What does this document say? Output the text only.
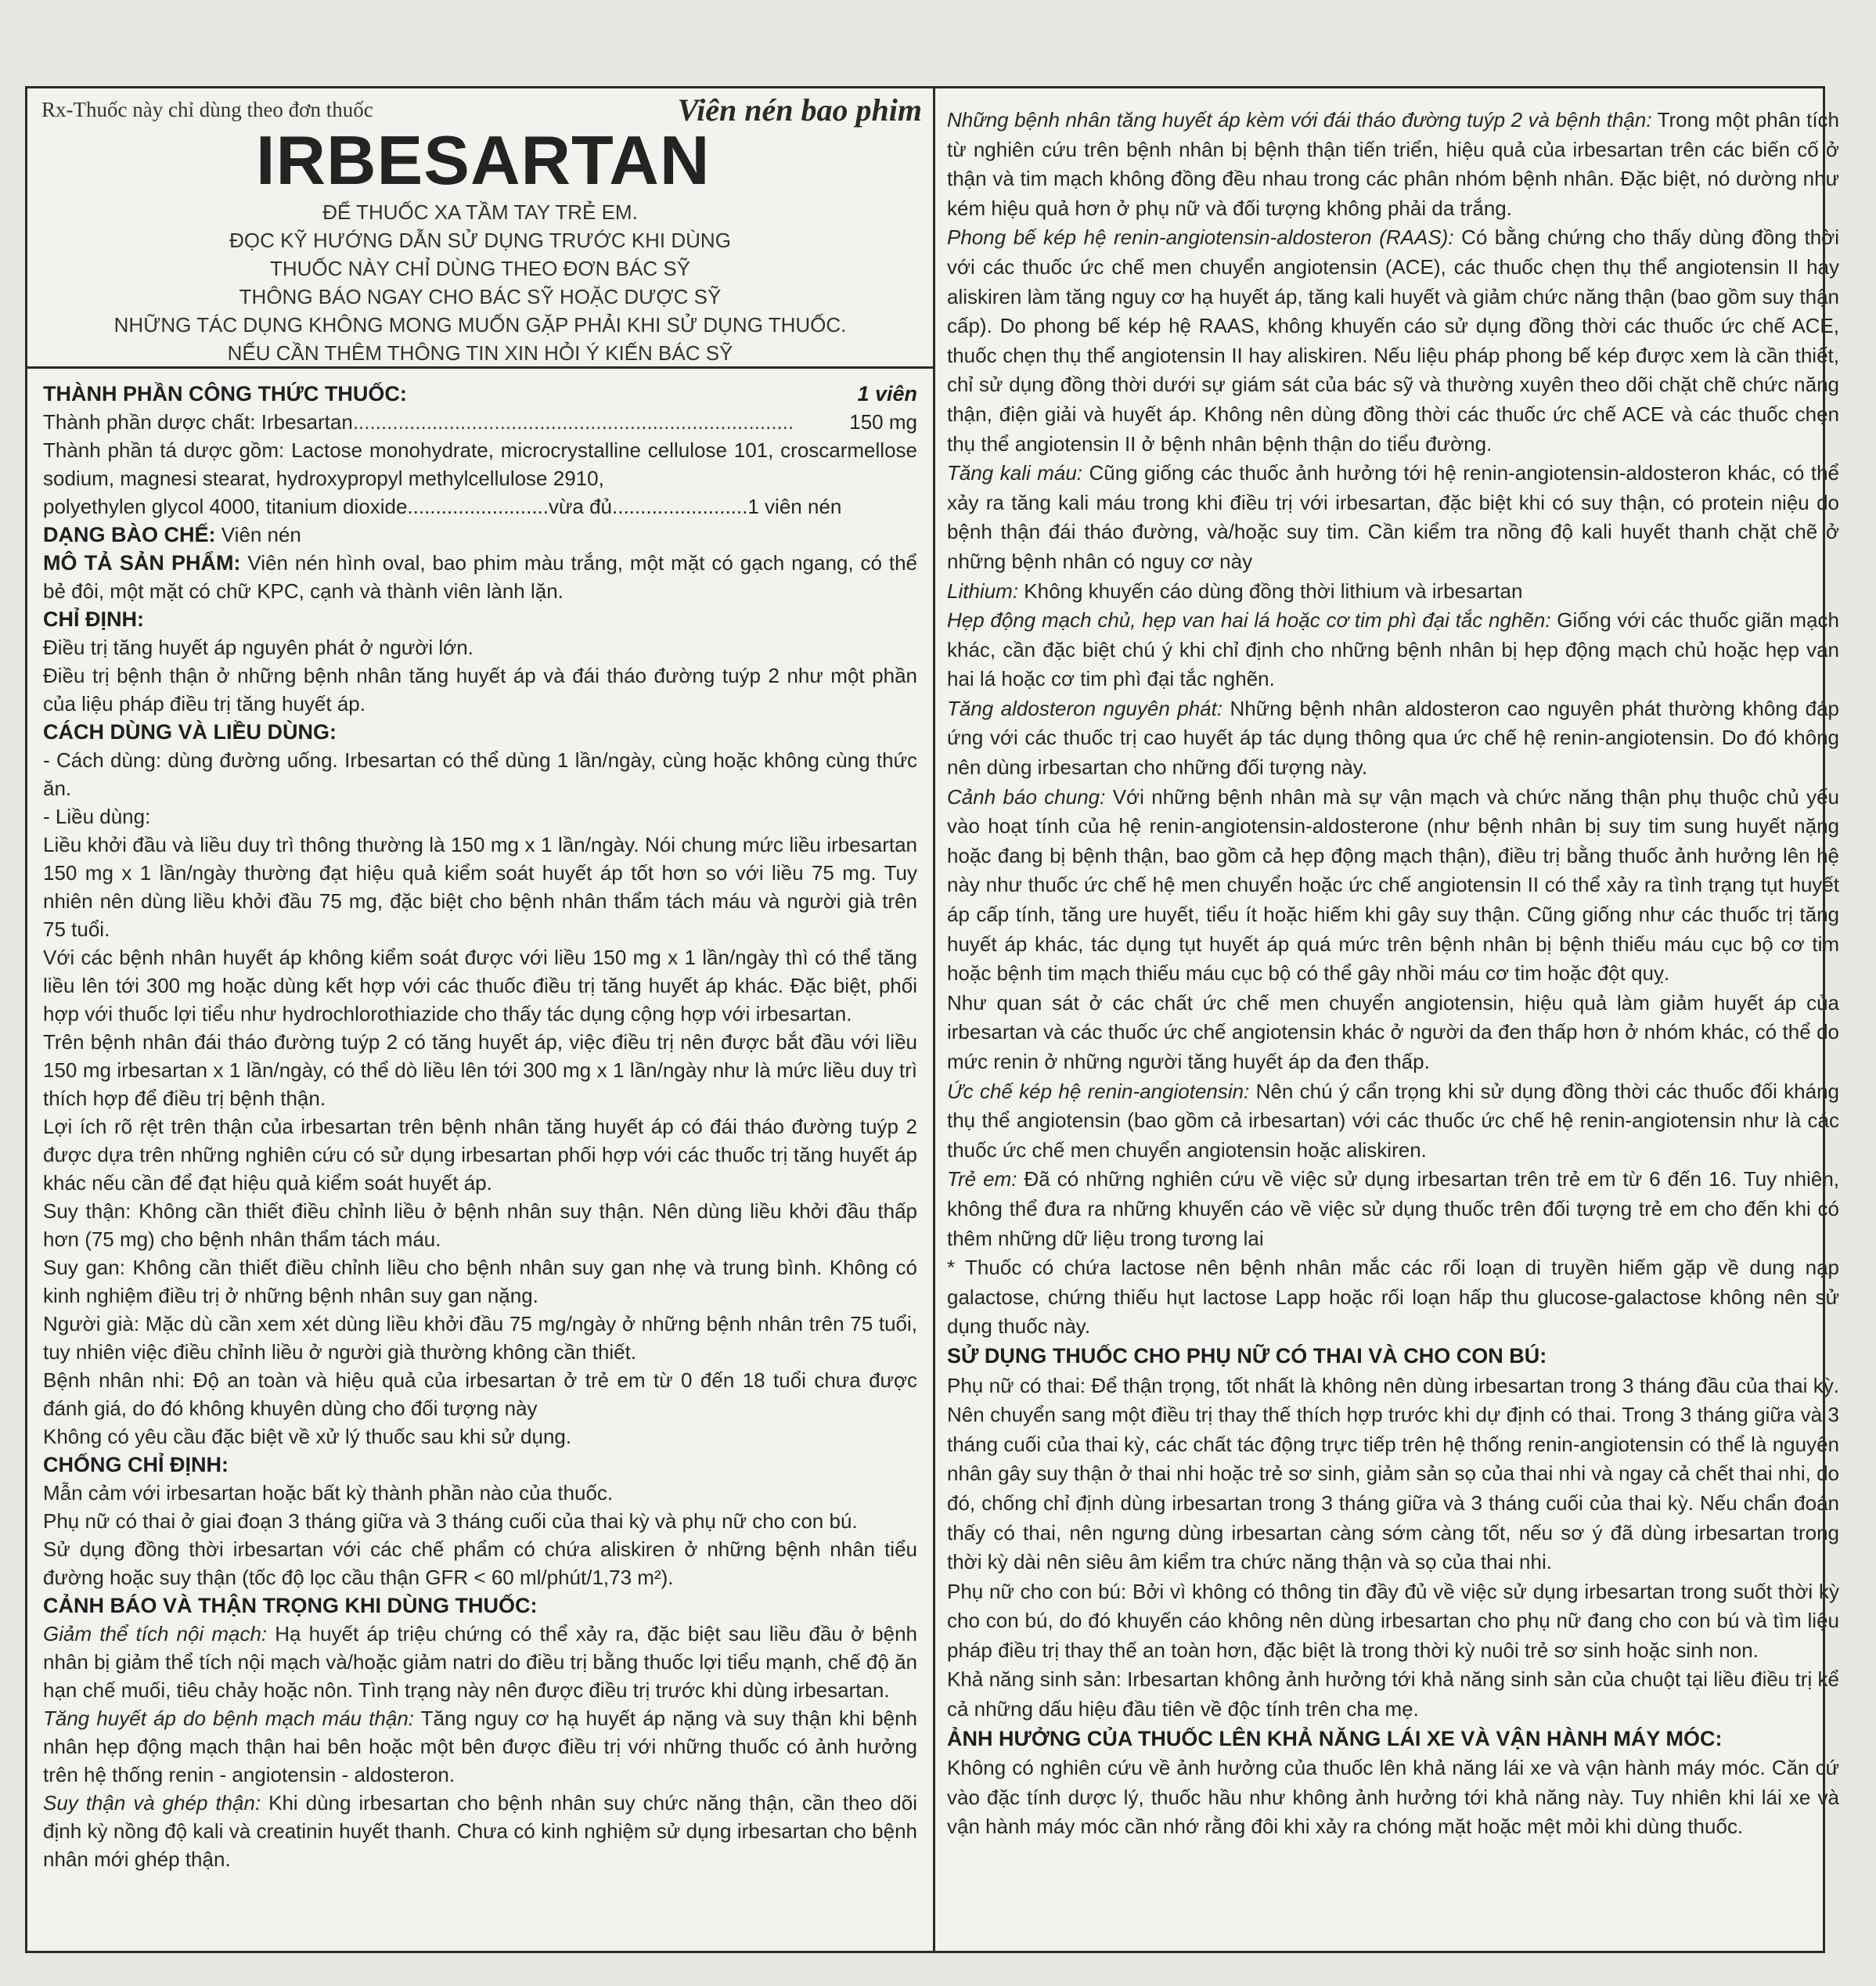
Rx-Thuốc này chỉ dùng theo đơn thuốc	Viên nén bao phim
IRBESARTAN
ĐỂ THUỐC XA TẦM TAY TRẺ EM.
ĐỌC KỸ HƯỚNG DẪN SỬ DỤNG TRƯỚC KHI DÙNG
THUỐC NÀY CHỈ DÙNG THEO ĐƠN BÁC SỸ
THÔNG BÁO NGAY CHO BÁC SỸ HOẶC DƯỢC SỸ
NHỮNG TÁC DỤNG KHÔNG MONG MUỐN GẶP PHẢI KHI SỬ DỤNG THUỐC.
NẾU CẦN THÊM THÔNG TIN XIN HỎI Ý KIẾN BÁC SỸ
THÀNH PHẦN CÔNG THỨC THUỐC:	1 viên
Thành phần dược chất: Irbesartan ..............................................................................	150 mg

Thành phần tá dược gồm: Lactose monohydrate, microcrystalline cellulose 101, croscarmellose sodium, magnesi stearat, hydroxypropyl methylcellulose 2910,

polyethylen glycol 4000, titanium dioxide.........................vừa đủ........................1 viên nén

DẠNG BÀO CHẾ: Viên nén

MÔ TẢ SẢN PHẨM: Viên nén hình oval, bao phim màu trắng, một mặt có gạch ngang, có thể bẻ đôi, một mặt có chữ KPC, cạnh và thành viên lành lặn.

CHỈ ĐỊNH:

Điều trị tăng huyết áp nguyên phát ở người lớn.

Điều trị bệnh thận ở những bệnh nhân tăng huyết áp và đái tháo đường tuýp 2 như một phần của liệu pháp điều trị tăng huyết áp.

CÁCH DÙNG VÀ LIỀU DÙNG:

- Cách dùng: dùng đường uống. Irbesartan có thể dùng 1 lần/ngày, cùng hoặc không cùng thức ăn.

- Liều dùng:

Liều khởi đầu và liều duy trì thông thường là 150 mg x 1 lần/ngày. Nói chung mức liều irbesartan 150 mg x 1 lần/ngày thường đạt hiệu quả kiểm soát huyết áp tốt hơn so với liều 75 mg. Tuy nhiên nên dùng liều khởi đầu 75 mg, đặc biệt cho bệnh nhân thẩm tách máu và người già trên 75 tuổi.

Với các bệnh nhân huyết áp không kiểm soát được với liều 150 mg x 1 lần/ngày thì có thể tăng liều lên tới 300 mg hoặc dùng kết hợp với các thuốc điều trị tăng huyết áp khác. Đặc biệt, phối hợp với thuốc lợi tiểu như hydrochlorothiazide cho thấy tác dụng cộng hợp với irbesartan.

Trên bệnh nhân đái tháo đường tuýp 2 có tăng huyết áp, việc điều trị nên được bắt đầu với liều 150 mg irbesartan x 1 lần/ngày, có thể dò liều lên tới 300 mg x 1 lần/ngày như là mức liều duy trì thích hợp để điều trị bệnh thận.

Lợi ích rõ rệt trên thận của irbesartan trên bệnh nhân tăng huyết áp có đái tháo đường tuýp 2 được dựa trên những nghiên cứu có sử dụng irbesartan phối hợp với các thuốc trị tăng huyết áp khác nếu cần để đạt hiệu quả kiểm soát huyết áp.

Suy thận: Không cần thiết điều chỉnh liều ở bệnh nhân suy thận. Nên dùng liều khởi đầu thấp hơn (75 mg) cho bệnh nhân thẩm tách máu.

Suy gan: Không cần thiết điều chỉnh liều cho bệnh nhân suy gan nhẹ và trung bình. Không có kinh nghiệm điều trị ở những bệnh nhân suy gan nặng.

Người già: Mặc dù cần xem xét dùng liều khởi đầu 75 mg/ngày ở những bệnh nhân trên 75 tuổi, tuy nhiên việc điều chỉnh liều ở người già thường không cần thiết.

Bệnh nhân nhi: Độ an toàn và hiệu quả của irbesartan ở trẻ em từ 0 đến 18 tuổi chưa được đánh giá, do đó không khuyên dùng cho đối tượng này

Không có yêu cầu đặc biệt về xử lý thuốc sau khi sử dụng.

CHỐNG CHỈ ĐỊNH:

Mẫn cảm với irbesartan hoặc bất kỳ thành phần nào của thuốc.

Phụ nữ có thai ở giai đoạn 3 tháng giữa và 3 tháng cuối của thai kỳ và phụ nữ cho con bú.

Sử dụng đồng thời irbesartan với các chế phẩm có chứa aliskiren ở những bệnh nhân tiểu đường hoặc suy thận (tốc độ lọc cầu thận GFR < 60 ml/phút/1,73 m²).

CẢNH BÁO VÀ THẬN TRỌNG KHI DÙNG THUỐC:

Giảm thể tích nội mạch: Hạ huyết áp triệu chứng có thể xảy ra, đặc biệt sau liều đầu ở bệnh nhân bị giảm thể tích nội mạch và/hoặc giảm natri do điều trị bằng thuốc lợi tiểu mạnh, chế độ ăn hạn chế muối, tiêu chảy hoặc nôn. Tình trạng này nên được điều trị trước khi dùng irbesartan.

Tăng huyết áp do bệnh mạch máu thận: Tăng nguy cơ hạ huyết áp nặng và suy thận khi bệnh nhân hẹp động mạch thận hai bên hoặc một bên được điều trị với những thuốc có ảnh hưởng trên hệ thống renin - angiotensin - aldosteron.

Suy thận và ghép thận: Khi dùng irbesartan cho bệnh nhân suy chức năng thận, cần theo dõi định kỳ nồng độ kali và creatinin huyết thanh. Chưa có kinh nghiệm sử dụng irbesartan cho bệnh nhân mới ghép thận.

Những bệnh nhân tăng huyết áp kèm với đái tháo đường tuýp 2 và bệnh thận: Trong một phân tích từ nghiên cứu trên bệnh nhân bị bệnh thận tiến triển, hiệu quả của irbesartan trên các biến cố ở thận và tim mạch không đồng đều nhau trong các phân nhóm bệnh nhân. Đặc biệt, nó dường như kém hiệu quả hơn ở phụ nữ và đối tượng không phải da trắng.

Phong bế kép hệ renin-angiotensin-aldosteron (RAAS): Có bằng chứng cho thấy dùng đồng thời với các thuốc ức chế men chuyển angiotensin (ACE), các thuốc chẹn thụ thể angiotensin II hay aliskiren làm tăng nguy cơ hạ huyết áp, tăng kali huyết và giảm chức năng thận (bao gồm suy thận cấp). Do phong bế kép hệ RAAS, không khuyến cáo sử dụng đồng thời các thuốc ức chế ACE, thuốc chẹn thụ thể angiotensin II hay aliskiren. Nếu liệu pháp phong bế kép được xem là cần thiết, chỉ sử dụng đồng thời dưới sự giám sát của bác sỹ và thường xuyên theo dõi chặt chẽ chức năng thận, điện giải và huyết áp. Không nên dùng đồng thời các thuốc ức chế ACE và các thuốc chẹn thụ thể angiotensin II ở bệnh nhân bệnh thận do tiểu đường.

Tăng kali máu: Cũng giống các thuốc ảnh hưởng tới hệ renin-angiotensin-aldosteron khác, có thể xảy ra tăng kali máu trong khi điều trị với irbesartan, đặc biệt khi có suy thận, có protein niệu do bệnh thận đái tháo đường, và/hoặc suy tim. Cần kiểm tra nồng độ kali huyết thanh chặt chẽ ở những bệnh nhân có nguy cơ này

Lithium: Không khuyến cáo dùng đồng thời lithium và irbesartan

Hẹp động mạch chủ, hẹp van hai lá hoặc cơ tim phì đại tắc nghẽn: Giống với các thuốc giãn mạch khác, cần đặc biệt chú ý khi chỉ định cho những bệnh nhân bị hẹp động mạch chủ hoặc hẹp van hai lá hoặc cơ tim phì đại tắc nghẽn.

Tăng aldosteron nguyên phát: Những bệnh nhân aldosteron cao nguyên phát thường không đáp ứng với các thuốc trị cao huyết áp tác dụng thông qua ức chế hệ renin-angiotensin. Do đó không nên dùng irbesartan cho những đối tượng này.

Cảnh báo chung: Với những bệnh nhân mà sự vận mạch và chức năng thận phụ thuộc chủ yếu vào hoạt tính của hệ renin-angiotensin-aldosterone (như bệnh nhân bị suy tim sung huyết nặng hoặc đang bị bệnh thận, bao gồm cả hẹp động mạch thận), điều trị bằng thuốc ảnh hưởng lên hệ này như thuốc ức chế hệ men chuyển hoặc ức chế angiotensin II có thể xảy ra tình trạng tụt huyết áp cấp tính, tăng ure huyết, tiểu ít hoặc hiếm khi gây suy thận. Cũng giống như các thuốc trị tăng huyết áp khác, tác dụng tụt huyết áp quá mức trên bệnh nhân bị bệnh thiếu máu cục bộ cơ tim hoặc bệnh tim mạch thiếu máu cục bộ có thể gây nhồi máu cơ tim hoặc đột quỵ.

Như quan sát ở các chất ức chế men chuyển angiotensin, hiệu quả làm giảm huyết áp của irbesartan và các thuốc ức chế angiotensin khác ở người da đen thấp hơn ở nhóm khác, có thể do mức renin ở những người tăng huyết áp da đen thấp.

Ức chế kép hệ renin-angiotensin: Nên chú ý cẩn trọng khi sử dụng đồng thời các thuốc đối kháng thụ thể angiotensin (bao gồm cả irbesartan) với các thuốc ức chế hệ renin-angiotensin như là các thuốc ức chế men chuyển angiotensin hoặc aliskiren.

Trẻ em: Đã có những nghiên cứu về việc sử dụng irbesartan trên trẻ em từ 6 đến 16. Tuy nhiên, không thể đưa ra những khuyến cáo về việc sử dụng thuốc trên đối tượng trẻ em cho đến khi có thêm những dữ liệu trong tương lai

* Thuốc có chứa lactose nên bệnh nhân mắc các rối loạn di truyền hiếm gặp về dung nạp galactose, chứng thiếu hụt lactose Lapp hoặc rối loạn hấp thu glucose-galactose không nên sử dụng thuốc này.

SỬ DỤNG THUỐC CHO PHỤ NỮ CÓ THAI VÀ CHO CON BÚ:

Phụ nữ có thai: Để thận trọng, tốt nhất là không nên dùng irbesartan trong 3 tháng đầu của thai kỳ. Nên chuyển sang một điều trị thay thế thích hợp trước khi dự định có thai. Trong 3 tháng giữa và 3 tháng cuối của thai kỳ, các chất tác động trực tiếp trên hệ thống renin-angiotensin có thể là nguyên nhân gây suy thận ở thai nhi hoặc trẻ sơ sinh, giảm sản sọ của thai nhi và ngay cả chết thai nhi, do đó, chống chỉ định dùng irbesartan trong 3 tháng giữa và 3 tháng cuối của thai kỳ. Nếu chẩn đoán thấy có thai, nên ngưng dùng irbesartan càng sớm càng tốt, nếu sơ ý đã dùng irbesartan trong thời kỳ dài nên siêu âm kiểm tra chức năng thận và sọ của thai nhi.

Phụ nữ cho con bú: Bởi vì không có thông tin đầy đủ về việc sử dụng irbesartan trong suốt thời kỳ cho con bú, do đó khuyến cáo không nên dùng irbesartan cho phụ nữ đang cho con bú và tìm liệu pháp điều trị thay thế an toàn hơn, đặc biệt là trong thời kỳ nuôi trẻ sơ sinh hoặc sinh non.

Khả năng sinh sản: Irbesartan không ảnh hưởng tới khả năng sinh sản của chuột tại liều điều trị kể cả những dấu hiệu đầu tiên về độc tính trên cha mẹ.

ẢNH HƯỞNG CỦA THUỐC LÊN KHẢ NĂNG LÁI XE VÀ VẬN HÀNH MÁY MÓC:

Không có nghiên cứu về ảnh hưởng của thuốc lên khả năng lái xe và vận hành máy móc. Căn cứ vào đặc tính dược lý, thuốc hầu như không ảnh hưởng tới khả năng này. Tuy nhiên khi lái xe và vận hành máy móc cần nhớ rằng đôi khi xảy ra chóng mặt hoặc mệt mỏi khi dùng thuốc.
